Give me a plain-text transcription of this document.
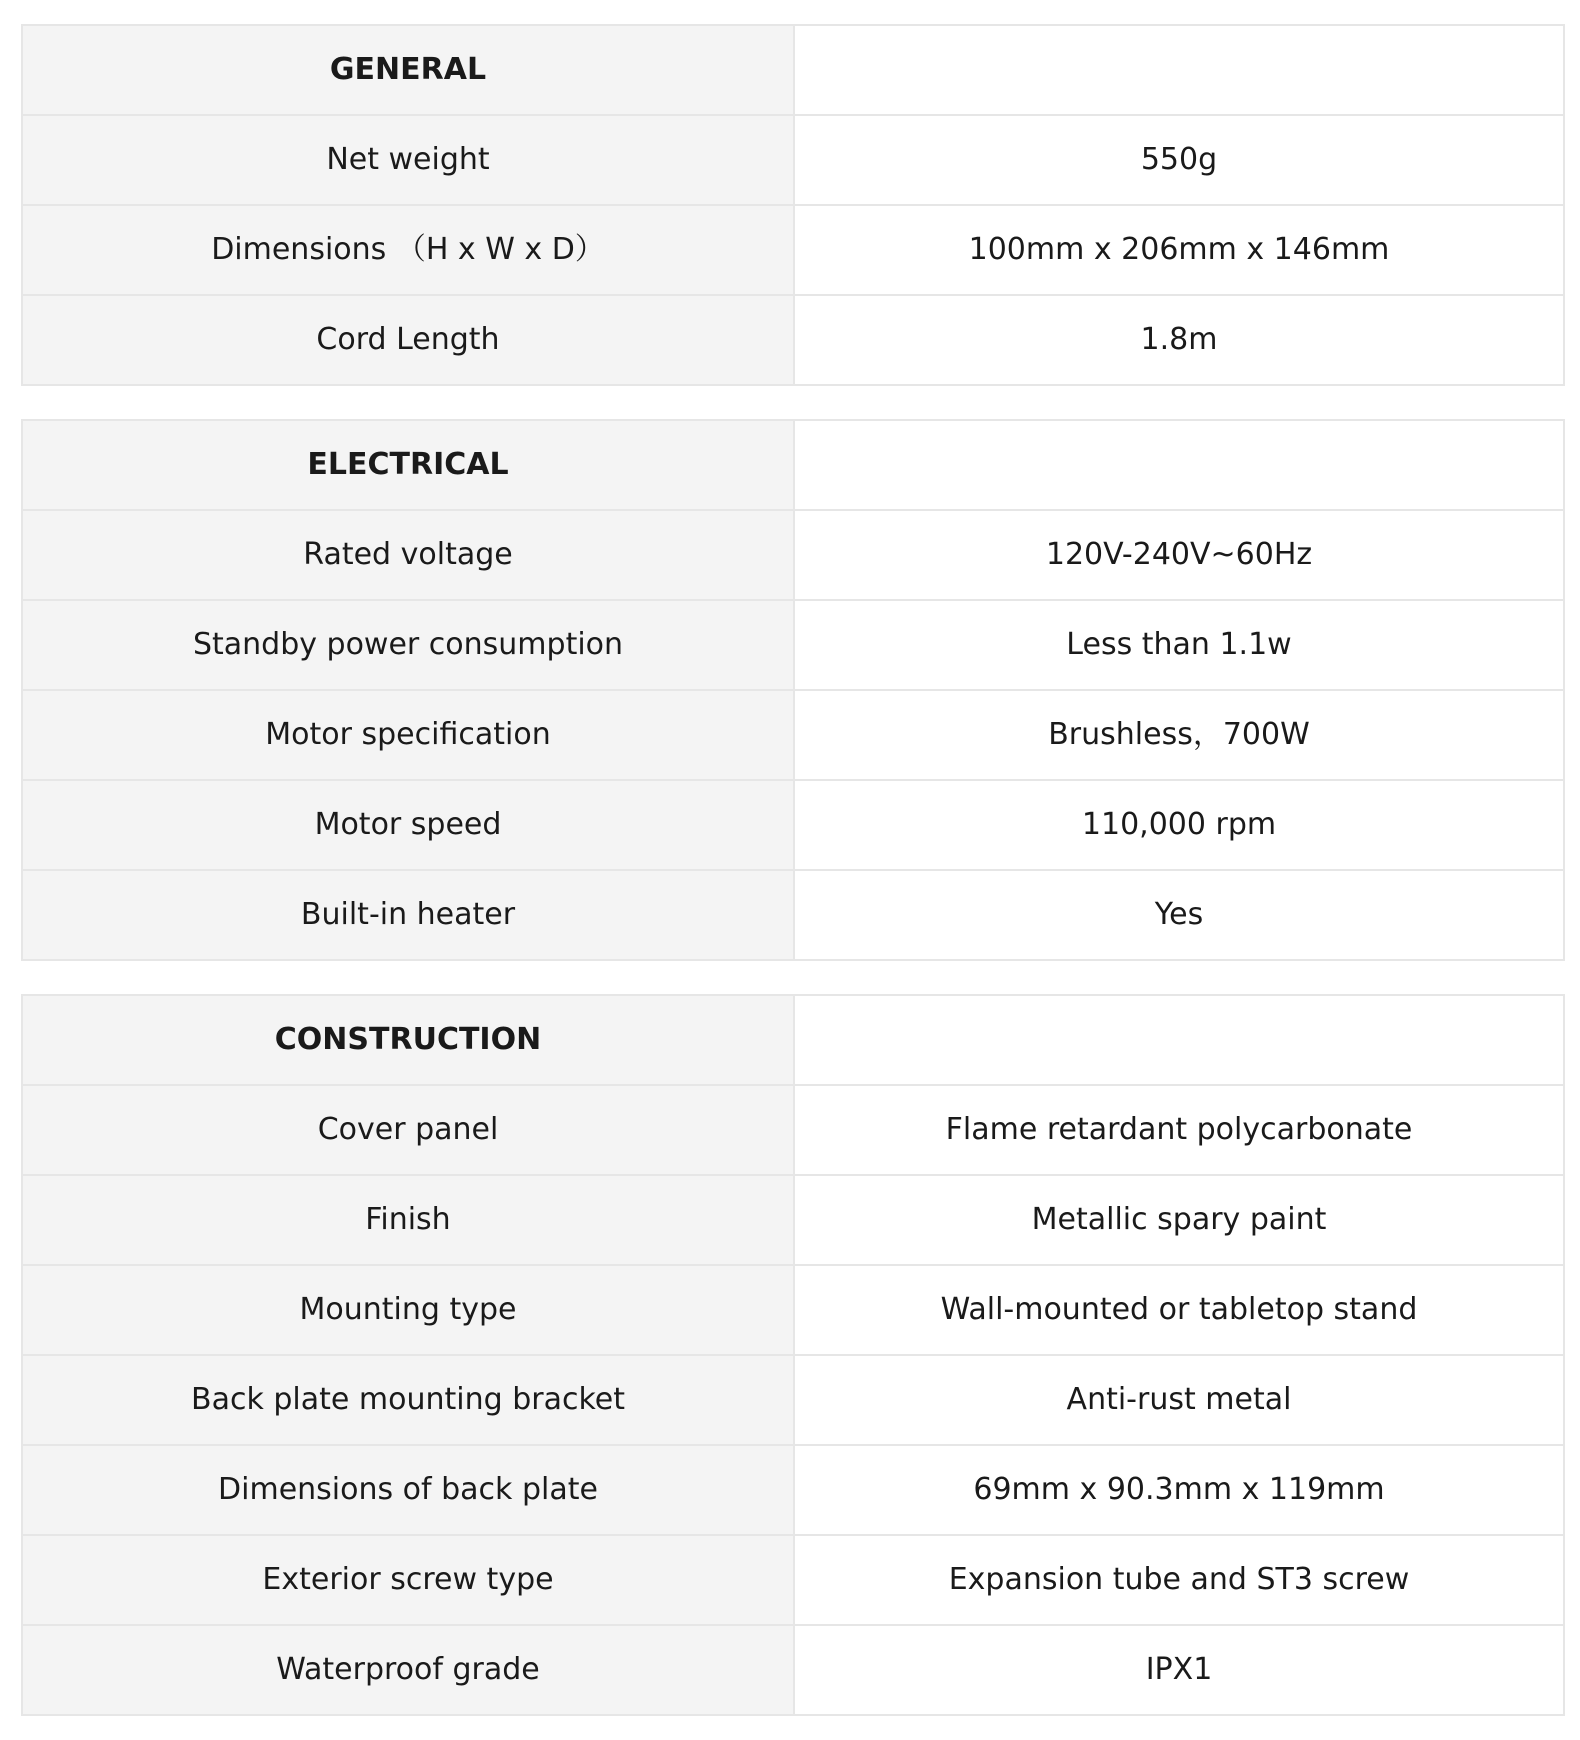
GENERAL	
Net weight	550g
Dimensions （H x W x D）	100mm x 206mm x 146mm
Cord Length	1.8m
ELECTRICAL	
Rated voltage	120V-240V~60Hz
Standby power consumption	Less than 1.1w
Motor specification	Brushless，700W
Motor speed	110,000 rpm
Built-in heater	Yes
CONSTRUCTION	
Cover panel	Flame retardant polycarbonate
Finish	Metallic spary paint
Mounting type	Wall-mounted or tabletop stand
Back plate mounting bracket	Anti-rust metal
Dimensions of back plate	69mm x 90.3mm x 119mm
Exterior screw type	Expansion tube and ST3 screw
Waterproof grade	IPX1
